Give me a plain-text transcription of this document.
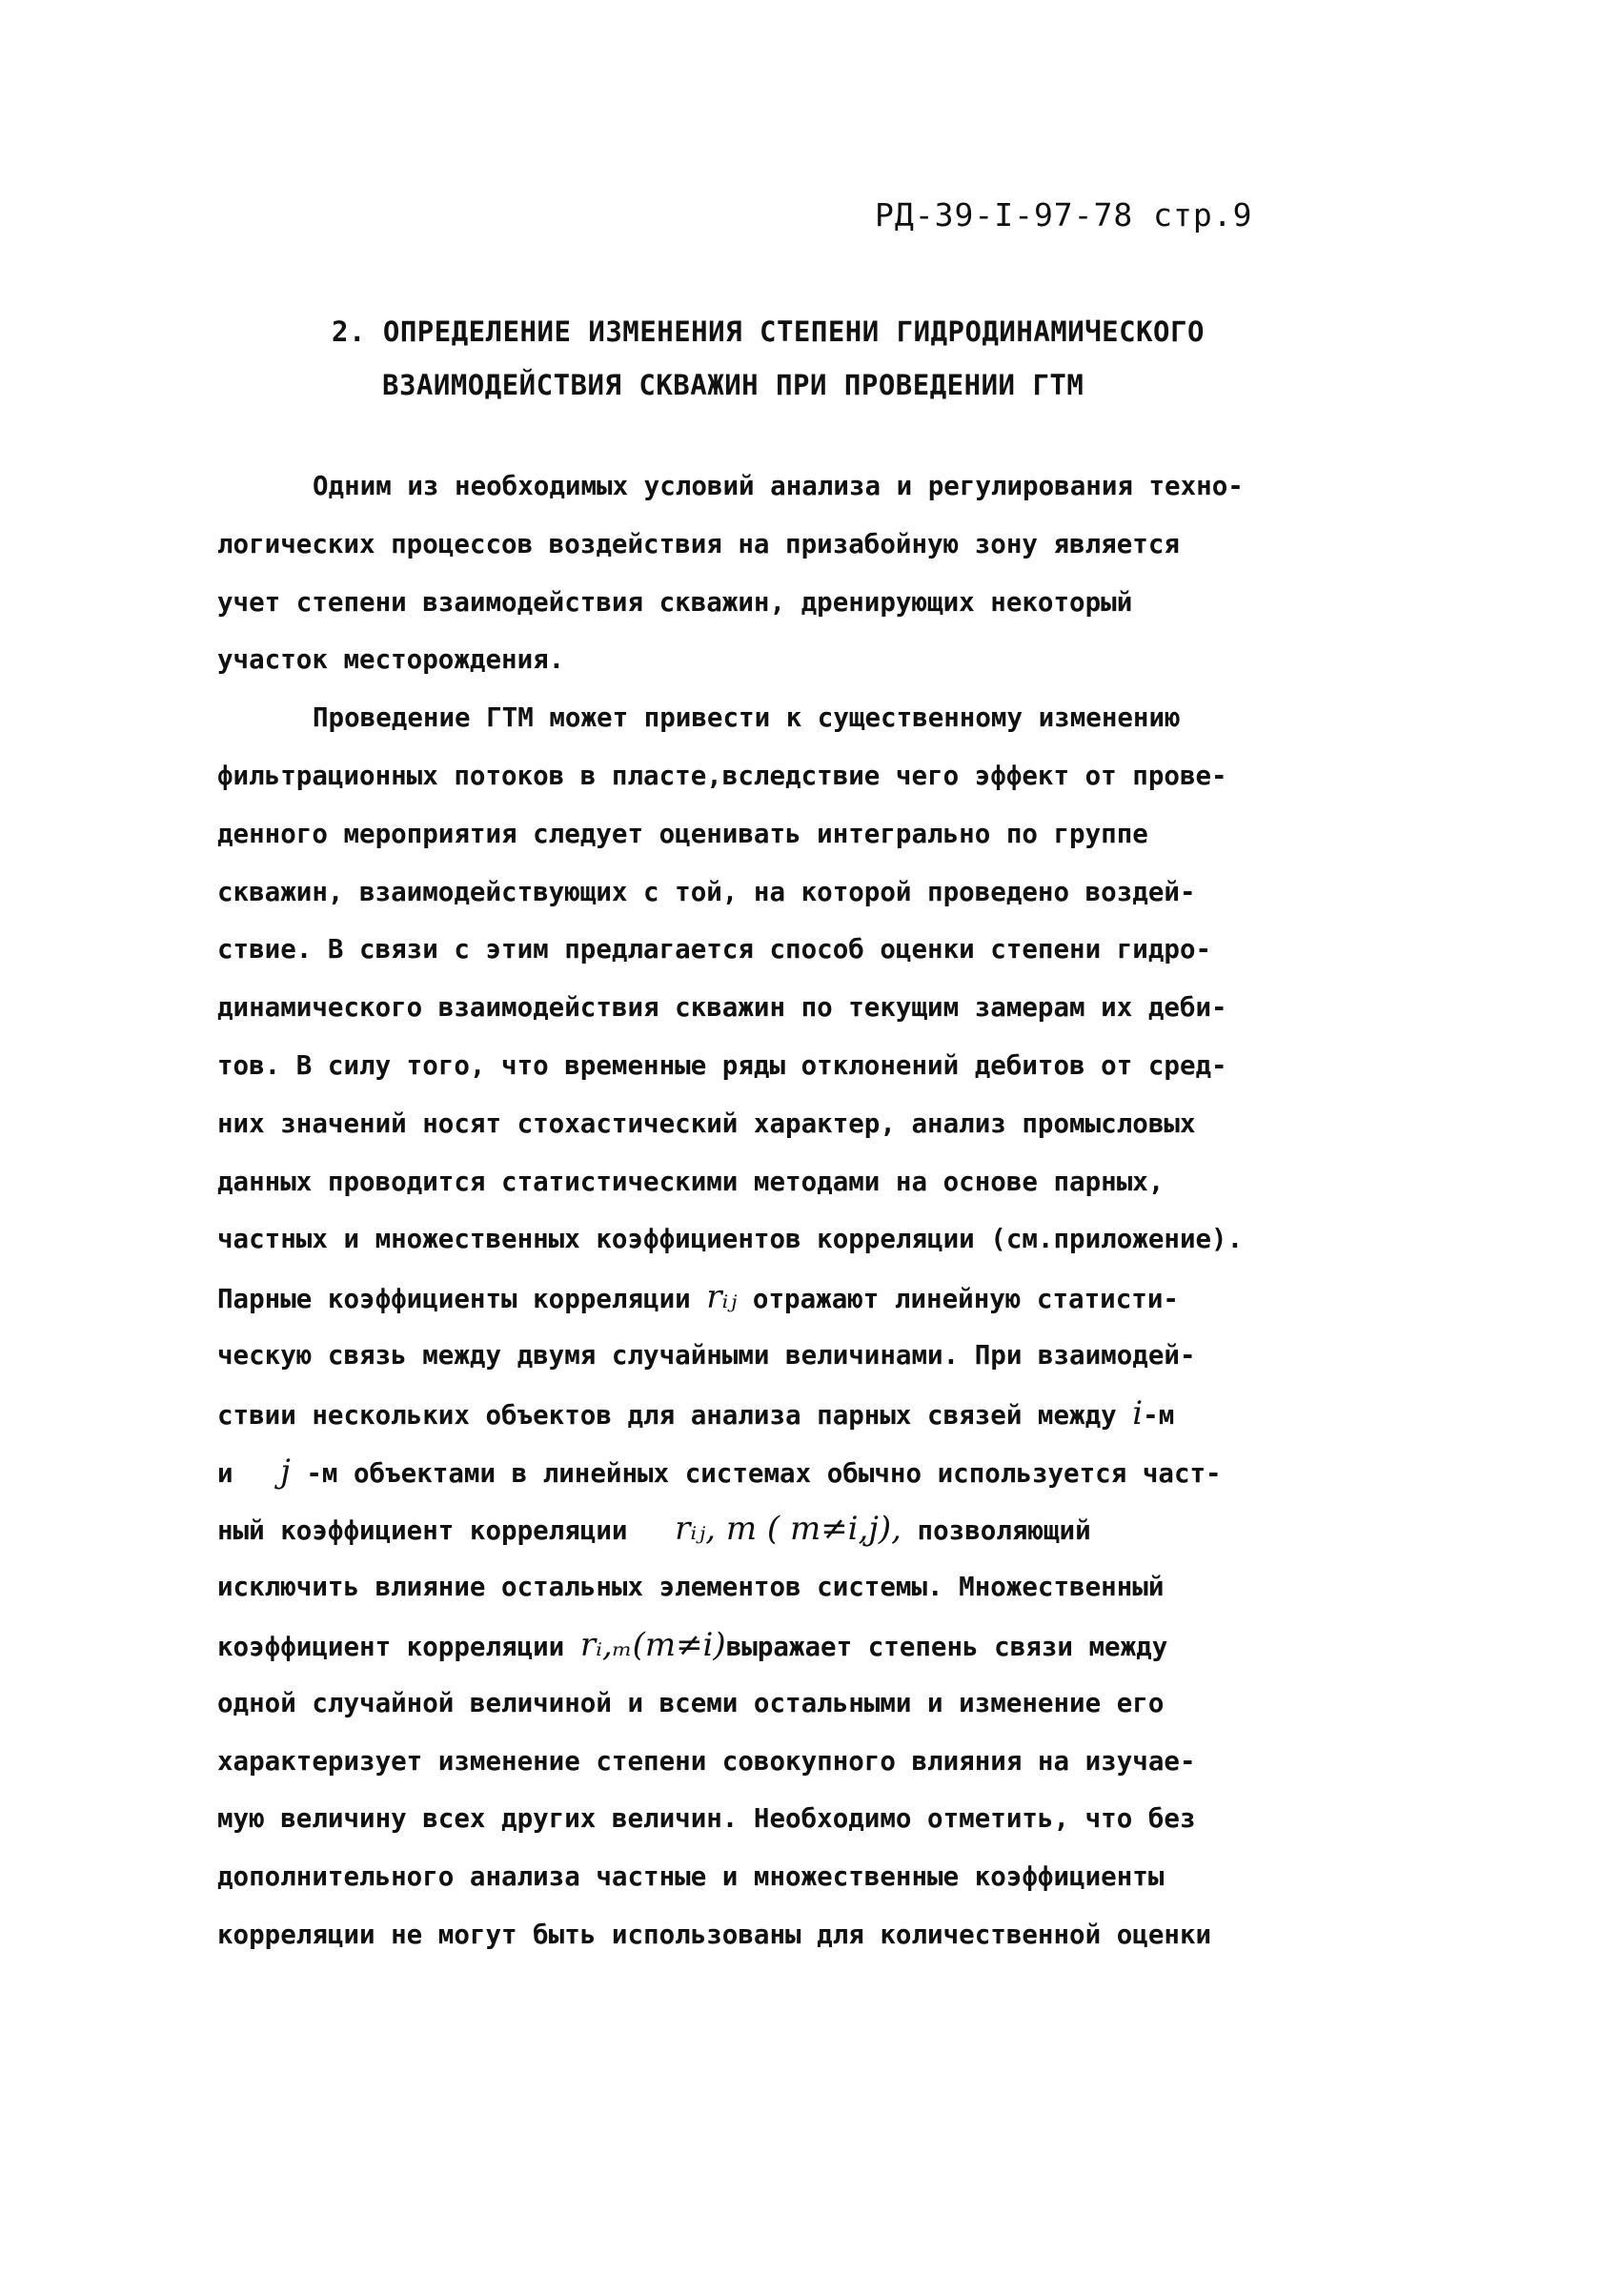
РД-39-I-97-78 стр.9
2. ОПРЕДЕЛЕНИЕ ИЗМЕНЕНИЯ СТЕПЕНИ ГИДРОДИНАМИЧЕСКОГО
ВЗАИМОДЕЙСТВИЯ СКВАЖИН ПРИ ПРОВЕДЕНИИ ГТМ
Одним из необходимых условий анализа и регулирования техно-
логических процессов воздействия на призабойную зону является
учет степени взаимодействия скважин, дренирующих некоторый
участок месторождения.
Проведение ГТМ может привести к существенному изменению
фильтрационных потоков в пласте,вследствие чего эффект от прове-
денного мероприятия следует оценивать интегрально по группе
скважин, взаимодействующих с той, на которой проведено воздей-
ствие. В связи с этим предлагается способ оценки степени гидро-
динамического взаимодействия скважин по текущим замерам их деби-
тов. В силу того, что временные ряды отклонений дебитов от сред-
них значений носят стохастический характер, анализ промысловых
данных проводится статистическими методами на основе парных,
частных и множественных коэффициентов корреляции (см.приложение).
Парные коэффициенты корреляции rᵢⱼ отражают линейную статисти-
ческую связь между двумя случайными величинами. При взаимодей-
ствии нескольких объектов для анализа парных связей между i-м
и j -м объектами в линейных системах обычно используется част-
ный коэффициент корреляции rᵢⱼ, m ( m≠i,j), позволяющий
исключить влияние остальных элементов системы. Множественный
коэффициент корреляции rᵢ,ₘ(m≠i)выражает степень связи между
одной случайной величиной и всеми остальными и изменение его
характеризует изменение степени совокупного влияния на изучае-
мую величину всех других величин. Необходимо отметить, что без
дополнительного анализа частные и множественные коэффициенты
корреляции не могут быть использованы для количественной оценки
